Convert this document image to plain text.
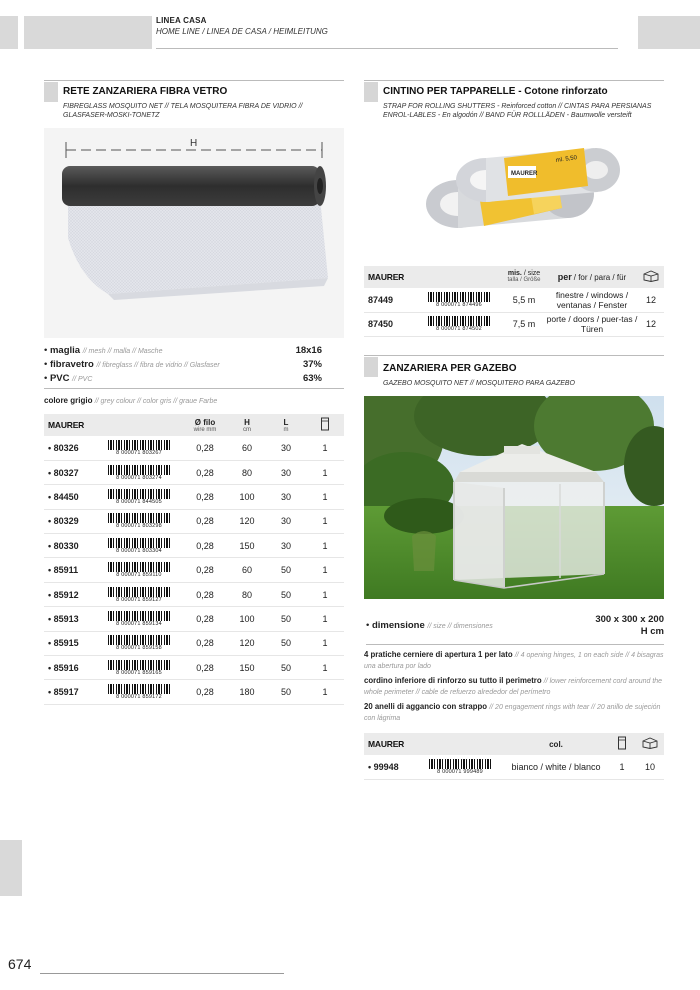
LINEA CASA
HOME LINE / LINEA DE CASA / HEIMLEITUNG
674
RETE ZANZARIERA FIBRA VETRO
FIBREGLASS MOSQUITO NET // TELA MOSQUITERA FIBRA DE VIDRIO // GLASFASER-MOSKI-TONETZ
H
• maglia // mesh // malla // Masche	18x16
• fibravetro // fibreglass // fibra de vidrio // Glasfaser	37%
• PVC // PVC	63%
colore grigio // grey colour // color gris // graue Farbe
MAURER		Ø filo
wire mm	H
cm	L
m

• 80326	8 000071 803267	0,28	60	30	1
• 80327	8 000071 803274	0,28	80	30	1
• 84450	8 000071 844505	0,28	100	30	1
• 80329	8 000071 803298	0,28	120	30	1
• 80330	8 000071 803304	0,28	150	30	1
• 85911	8 000071 859110	0,28	60	50	1
• 85912	8 000071 859127	0,28	80	50	1
• 85913	8 000071 859134	0,28	100	50	1
• 85915	8 000071 859158	0,28	120	50	1
• 85916	8 000071 859165	0,28	150	50	1
• 85917	8 000071 859172	0,28	180	50	1
CINTINO PER TAPPARELLE - Cotone rinforzato
STRAP FOR ROLLING SHUTTERS - Reinforced cotton // CINTAS PARA PERSIANAS ENROL-LABLES - En algodón // BAND FÜR ROLLLÄDEN - Baumwolle versteift
MAURER
ml. 5,50
MAURER		mis. / size
talla / Größe	per / for / para / für	
87449	8 000071 874496	5,5 m	finestre / windows / ventanas / Fenster	12
87450	8 000071 874502	7,5 m	porte / doors / puer-tas / Türen	12
ZANZARIERA PER GAZEBO
GAZEBO MOSQUITO NET // MOSQUITERO PARA GAZEBO
• dimensione // size // dimensiones
300 x 300 x 200
H cm
4 pratiche cerniere di apertura 1 per lato // 4 opening hinges, 1 on each side // 4 bisagras una abertura por lado
cordino inferiore di rinforzo su tutto il perimetro // lower reinforcement cord around the whole perimeter // cable de refuerzo alrededor del perímetro
20 anelli di aggancio con strappo // 20 engagement rings with tear // 20 anillo de sujeción con lágrima
MAURER		col.		
• 99948	8 000071 999489	bianco / white / blanco	1	10
